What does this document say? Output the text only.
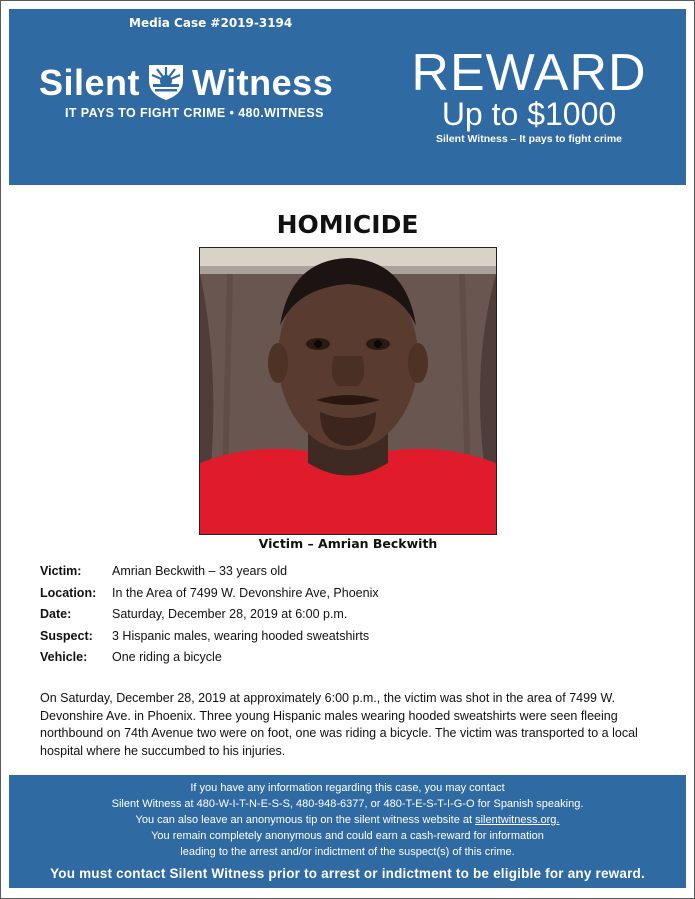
Media Case #2019-3194
Silent Witness
IT PAYS TO FIGHT CRIME • 480.WITNESS
REWARD
Up to $1000
Silent Witness – It pays to fight crime
HOMICIDE
Victim – Amrian Beckwith
Victim:	Amrian Beckwith – 33 years old
Location:	In the Area of 7499 W. Devonshire Ave, Phoenix
Date:	Saturday, December 28, 2019 at 6:00 p.m.
Suspect:	3 Hispanic males, wearing hooded sweatshirts
Vehicle:	One riding a bicycle
On Saturday, December 28, 2019 at approximately 6:00 p.m., the victim was shot in the area of 7499 W. Devonshire Ave. in Phoenix. Three young Hispanic males wearing hooded sweatshirts were seen fleeing northbound on 74th Avenue two were on foot, one was riding a bicycle. The victim was transported to a local hospital where he succumbed to his injuries.
If you have any information regarding this case, you may contact
Silent Witness at 480-W-I-T-N-E-S-S, 480-948-6377, or 480-T-E-S-T-I-G-O for Spanish speaking.
You can also leave an anonymous tip on the silent witness website at silentwitness.org.
You remain completely anonymous and could earn a cash-reward for information
leading to the arrest and/or indictment of the suspect(s) of this crime.
You must contact Silent Witness prior to arrest or indictment to be eligible for any reward.
